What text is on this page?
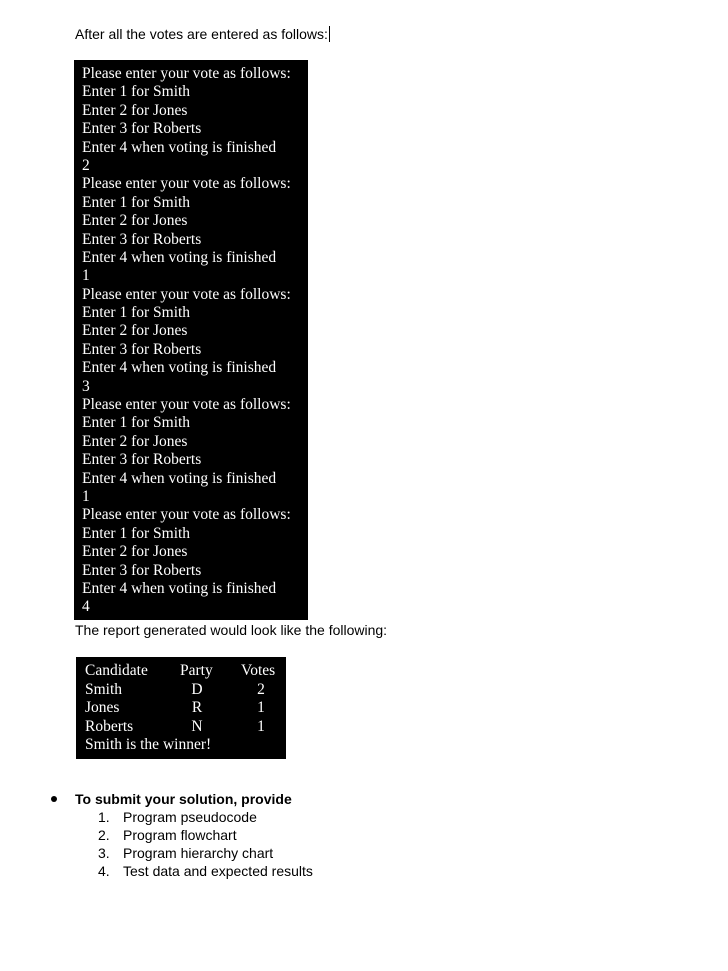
After all the votes are entered as follows:
Please enter your vote as follows:
Enter 1 for Smith
Enter 2 for Jones
Enter 3 for Roberts
Enter 4 when voting is finished
2
Please enter your vote as follows:
Enter 1 for Smith
Enter 2 for Jones
Enter 3 for Roberts
Enter 4 when voting is finished
1
Please enter your vote as follows:
Enter 1 for Smith
Enter 2 for Jones
Enter 3 for Roberts
Enter 4 when voting is finished
3
Please enter your vote as follows:
Enter 1 for Smith
Enter 2 for Jones
Enter 3 for Roberts
Enter 4 when voting is finished
1
Please enter your vote as follows:
Enter 1 for Smith
Enter 2 for Jones
Enter 3 for Roberts
Enter 4 when voting is finished
4
The report generated would look like the following:
Candidate Party Votes
Smith	D	2
Jones	R	1
Roberts	N	1
Smith is the winner!
To submit your solution, provide
1. Program pseudocode
2. Program flowchart
3. Program hierarchy chart
4. Test data and expected results
